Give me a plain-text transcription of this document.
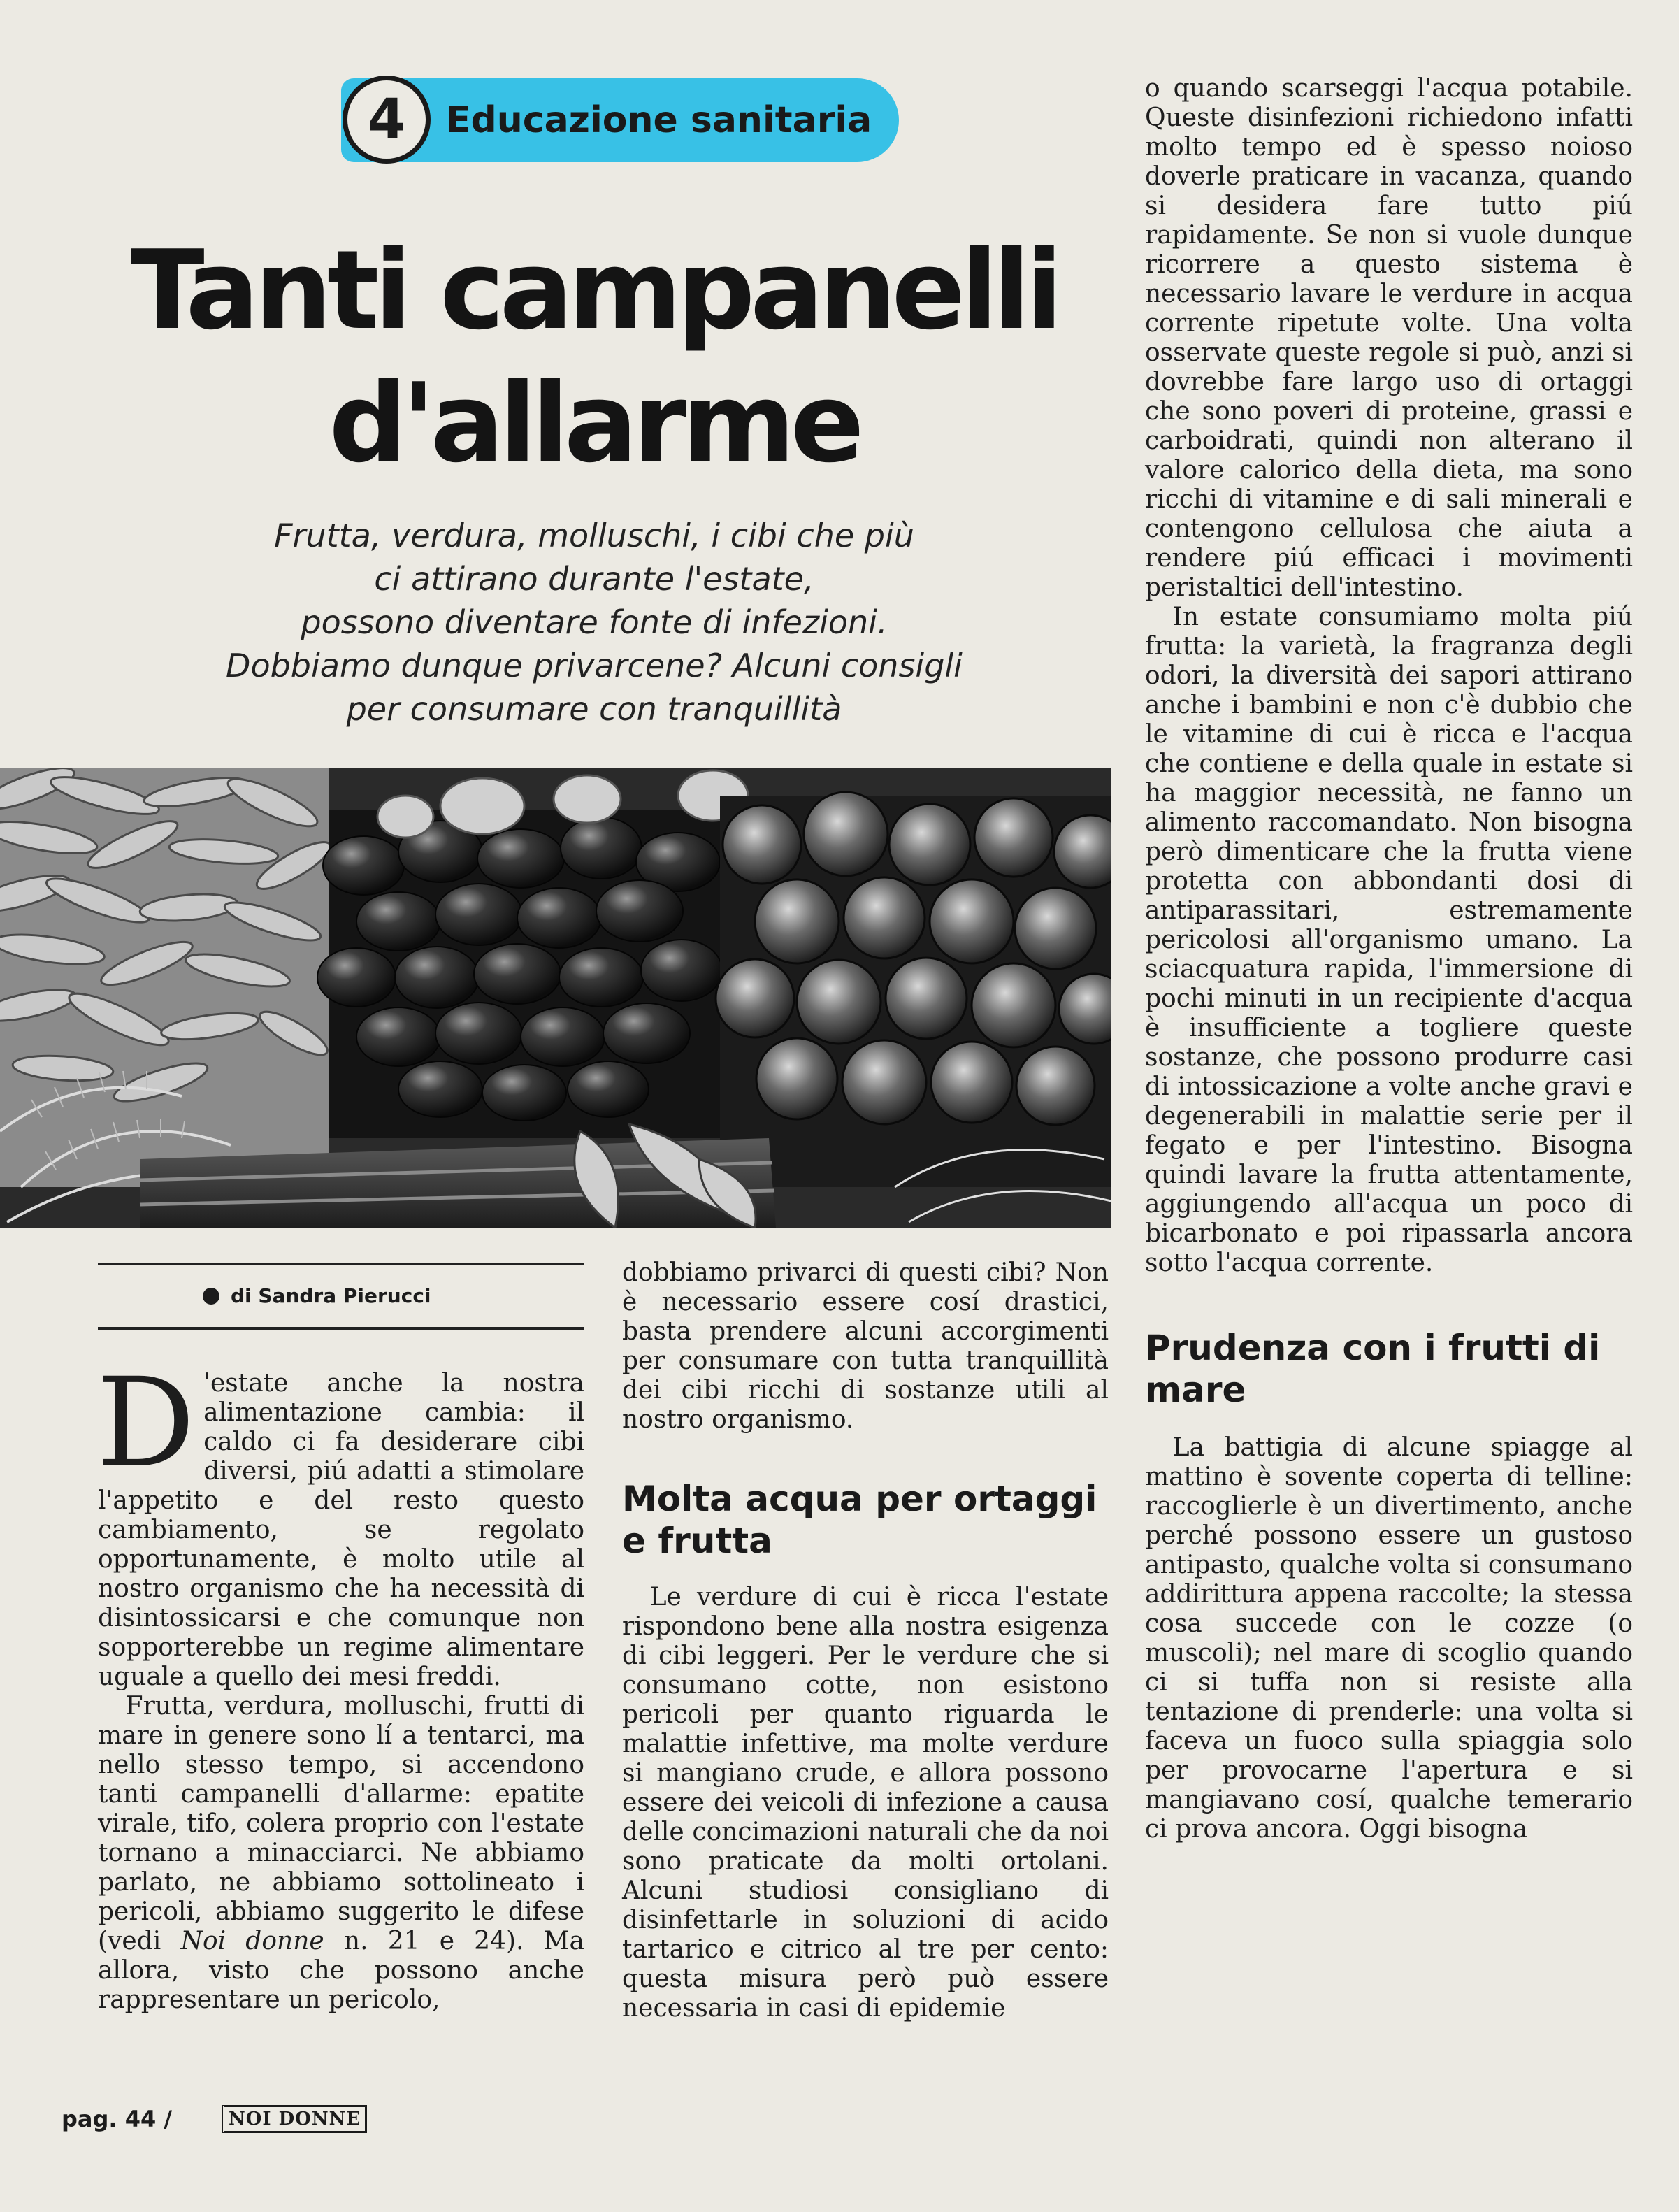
4	Educazione sanitaria
Tanti campanelli
d'allarme
Frutta, verdura, molluschi, i cibi che più
ci attirano durante l'estate,
possono diventare fonte di infezioni.
Dobbiamo dunque privarcene? Alcuni consigli
per consumare con tranquillità
di Sandra Pierucci

D 'estate anche la nostra alimentazione cambia: il caldo ci fa desiderare cibi diversi, piú adatti a stimolare l'appetito e del resto questo cambiamento, se regolato opportunamente, è molto utile al nostro organismo che ha necessità di disintossicarsi e che comunque non sopporterebbe un regime alimentare uguale a quello dei mesi freddi.

Frutta, verdura, molluschi, frutti di mare in genere sono lí a tentarci, ma nello stesso tempo, si accendono tanti campanelli d'allarme: epatite virale, tifo, colera proprio con l'estate tornano a minacciarci. Ne abbiamo parlato, ne abbiamo sottolineato i pericoli, abbiamo suggerito le difese (vedi Noi donne n. 21 e 24). Ma allora, visto che possono anche rappresentare un pericolo,

dobbiamo privarci di questi cibi? Non è necessario essere cosí drastici, basta prendere alcuni accorgimenti per consumare con tutta tranquillità dei cibi ricchi di sostanze utili al nostro organismo.

Molta acqua per ortaggi e frutta

Le verdure di cui è ricca l'estate rispondono bene alla nostra esigenza di cibi leggeri. Per le verdure che si consumano cotte, non esistono pericoli per quanto riguarda le malattie infettive, ma molte verdure si mangiano crude, e allora possono essere dei veicoli di infezione a causa delle concimazioni naturali che da noi sono praticate da molti ortolani. Alcuni studiosi consigliano di disinfettarle in soluzioni di acido tartarico e citrico al tre per cento: questa misura però può essere necessaria in casi di epidemie

o quando scarseggi l'acqua potabile. Queste disinfezioni richiedono infatti molto tempo ed è spesso noioso doverle praticare in vacanza, quando si desidera fare tutto piú rapidamente. Se non si vuole dunque ricorrere a questo sistema è necessario lavare le verdure in acqua corrente ripetute volte. Una volta osservate queste regole si può, anzi si dovrebbe fare largo uso di ortaggi che sono poveri di proteine, grassi e carboidrati, quindi non alterano il valore calorico della dieta, ma sono ricchi di vitamine e di sali minerali e contengono cellulosa che aiuta a rendere piú efficaci i movimenti peristaltici dell'intestino.

In estate consumiamo molta piú frutta: la varietà, la fragranza degli odori, la diversità dei sapori attirano anche i bambini e non c'è dubbio che le vitamine di cui è ricca e l'acqua che contiene e della quale in estate si ha maggior necessità, ne fanno un alimento raccomandato. Non bisogna però dimenticare che la frutta viene protetta con abbondanti dosi di antiparassitari, estremamente pericolosi all'organismo umano. La sciacquatura rapida, l'immersione di pochi minuti in un recipiente d'acqua è insufficiente a togliere queste sostanze, che possono produrre casi di intossicazione a volte anche gravi e degenerabili in malattie serie per il fegato e per l'intestino. Bisogna quindi lavare la frutta attentamente, aggiungendo all'acqua un poco di bicarbonato e poi ripassarla ancora sotto l'acqua corrente.

Prudenza con i frutti di mare

La battigia di alcune spiagge al mattino è sovente coperta di telline: raccoglierle è un divertimento, anche perché possono essere un gustoso antipasto, qualche volta si consumano addirittura appena raccolte; la stessa cosa succede con le cozze (o muscoli); nel mare di scoglio quando ci si tuffa non si resiste alla tentazione di prenderle: una volta si faceva un fuoco sulla spiaggia solo per provocarne l'apertura e si mangiavano cosí, qualche temerario ci prova ancora. Oggi bisogna

pag. 44 /	NOI DONNE
